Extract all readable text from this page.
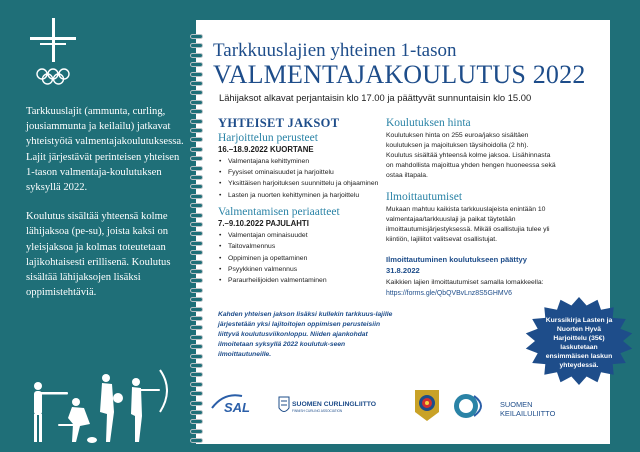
Tarkkuuslajit (ammunta, curling, jousiammunta ja keilailu) jatkavat yhteistyötä valmentajakoulutuksessa. Lajit järjestävät perinteisen yhteisen 1-tason valmentaja-koulutuksen syksyllä 2022.

Koulutus sisältää yhteensä kolme lähijaksoa (pe-su), joista kaksi on yleisjaksoa ja kolmas toteutetaan lajikohtaisesti erillisenä. Koulutus sisältää lähijaksojen lisäksi oppimistehtäviä.

Tarkkuuslajien yhteinen 1-tason
VALMENTAJAKOULUTUS 2022
Lähijaksot alkavat perjantaisin klo 17.00 ja päättyvät sunnuntaisin klo 15.00
YHTEISET JAKSOT
Harjoittelun perusteet
16.–18.9.2022 KUORTANE
• Valmentajana kehittyminen
• Fyysiset ominaisuudet ja harjoittelu
• Yksittäisen harjoituksen suunnittelu ja ohjaaminen
• Lasten ja nuorten kehittyminen ja harjoittelu
Valmentamisen periaatteet
7.–9.10.2022 PAJULAHTI
• Valmentajan ominaisuudet
• Taitovalmennus
• Oppiminen ja opettaminen
• Psyykkinen valmennus
• Paraurheilijoiden valmentaminen
Kahden yhteisen jakson lisäksi kullekin tarkkuus-lajille järjestetään yksi lajitoitojen oppimisen perusteisiin liittyvä koulutusviikonloppu. Niiden ajankohdat ilmoitetaan syksyllä 2022 koulutuk-seen ilmoittautuneille.
Koulutuksen hinta
Koulutuksen hinta on 255 euroa/jakso sisältäen koulutuksen ja majoituksen täysihoidolla (2 hh). Koulutus sisältää yhteensä kolme jaksoa. Lisähinnasta on mahdollista majoittua yhden hengen huoneessa sekä ostaa iltapala.
Ilmoittautumiset
Mukaan mahtuu kaikista tarkkuuslajeista enintään 10 valmentajaa/tarkkuuslaji ja paikat täytetään ilmoittautumisjärjestyksessä. Mikäli osallistujia tulee yli kiintiön, lajiliitot valitsevat osallistujat.
Ilmoittautuminen koulutukseen päättyy 31.8.2022
Kaikkien lajien ilmoittautumiset samalla lomakkeella:
https://forms.gle/QbQVBvLnz8S5GHMV6
Kurssikirja Lasten ja Nuorten Hyvä Harjoittelu (35€) laskutetaan ensimmäisen laskun yhteydessä.
SAL	SUOMEN CURLINGLIITTO
FINNISH CURLING ASSOCIATION
SUOMEN KEILAILULIITTO
